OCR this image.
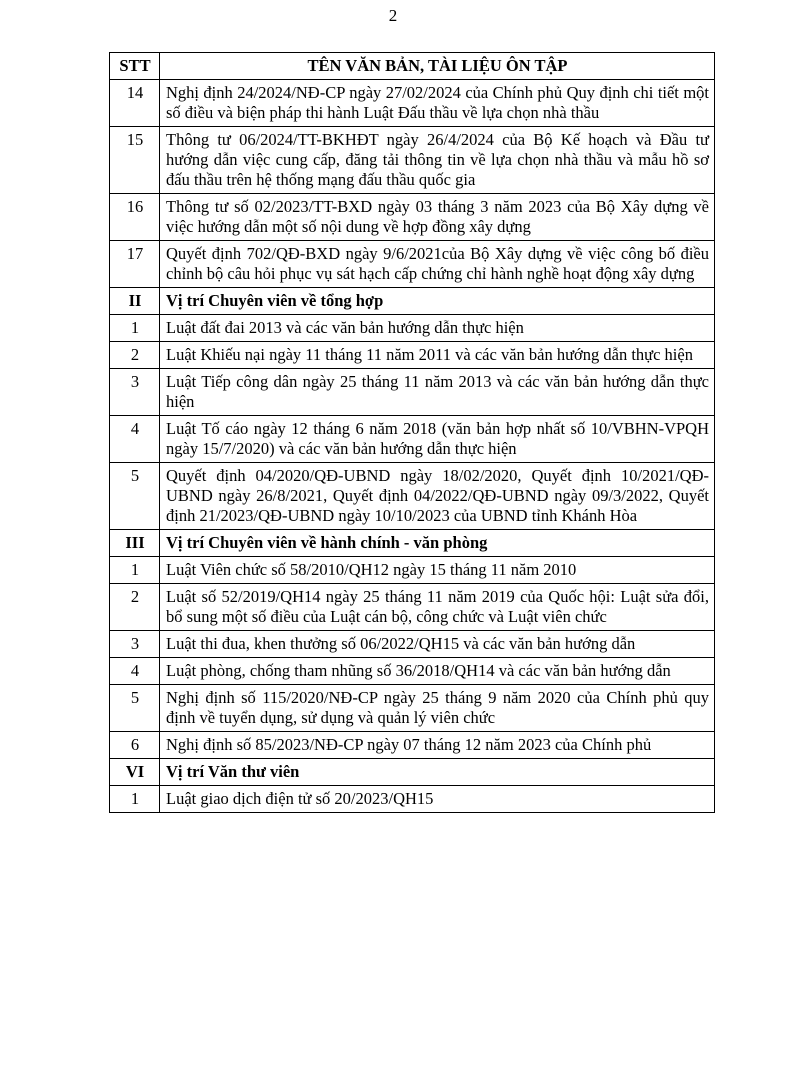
2
STT	TÊN VĂN BẢN, TÀI LIỆU ÔN TẬP
14	Nghị định 24/2024/NĐ-CP ngày 27/02/2024 của Chính phủ Quy định chi tiết một số điều và biện pháp thi hành Luật Đấu thầu về lựa chọn nhà thầu
15	Thông tư 06/2024/TT-BKHĐT ngày 26/4/2024 của Bộ Kế hoạch và Đầu tư hướng dẫn việc cung cấp, đăng tải thông tin về lựa chọn nhà thầu và mẫu hồ sơ đấu thầu trên hệ thống mạng đấu thầu quốc gia
16	Thông tư số 02/2023/TT-BXD ngày 03 tháng 3 năm 2023 của Bộ Xây dựng về việc hướng dẫn một số nội dung về hợp đồng xây dựng
17	Quyết định 702/QĐ-BXD ngày 9/6/2021của Bộ Xây dựng về việc công bố điều chỉnh bộ câu hỏi phục vụ sát hạch cấp chứng chỉ hành nghề hoạt động xây dựng
II	Vị trí Chuyên viên về tổng hợp
1	Luật đất đai 2013 và các văn bản hướng dẫn thực hiện
2	Luật Khiếu nại ngày 11 tháng 11 năm 2011 và các văn bản hướng dẫn thực hiện
3	Luật Tiếp công dân ngày 25 tháng 11 năm 2013 và các văn bản hướng dẫn thực hiện
4	Luật Tố cáo ngày 12 tháng 6 năm 2018 (văn bản hợp nhất số 10/VBHN-VPQH ngày 15/7/2020) và các văn bản hướng dẫn thực hiện
5	Quyết định 04/2020/QĐ-UBND ngày 18/02/2020, Quyết định 10/2021/QĐ-UBND ngày 26/8/2021, Quyết định 04/2022/QĐ-UBND ngày 09/3/2022, Quyết định 21/2023/QĐ-UBND ngày 10/10/2023 của UBND tỉnh Khánh Hòa
III	Vị trí Chuyên viên về hành chính - văn phòng
1	Luật Viên chức số 58/2010/QH12 ngày 15 tháng 11 năm 2010
2	Luật số 52/2019/QH14 ngày 25 tháng 11 năm 2019 của Quốc hội: Luật sửa đổi, bổ sung một số điều của Luật cán bộ, công chức và Luật viên chức
3	Luật thi đua, khen thưởng số 06/2022/QH15 và các văn bản hướng dẫn
4	Luật phòng, chống tham nhũng số 36/2018/QH14 và các văn bản hướng dẫn
5	Nghị định số 115/2020/NĐ-CP ngày 25 tháng 9 năm 2020 của Chính phủ quy định về tuyển dụng, sử dụng và quản lý viên chức
6	Nghị định số 85/2023/NĐ-CP ngày 07 tháng 12 năm 2023 của Chính phủ
VI	Vị trí Văn thư viên
1	Luật giao dịch điện tử số 20/2023/QH15
